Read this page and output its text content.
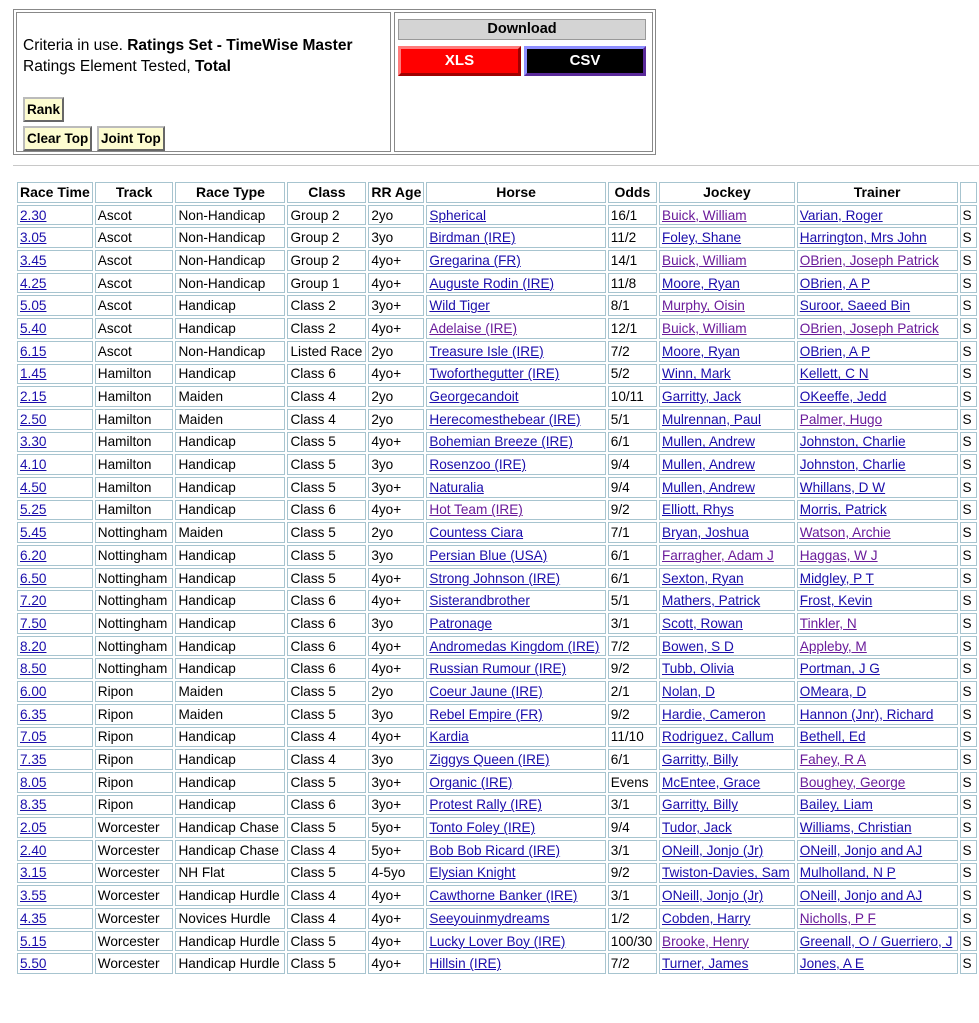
Criteria in use. Ratings Set - TimeWise Master
Ratings Element Tested, Total
Rank
Clear Top Joint Top
Download
XLS	CSV
Race Time	Track	Race Type	Class	RR Age	Horse	Odds	Jockey	Trainer	
2.30	Ascot	Non-Handicap	Group 2	2yo	Spherical	16/1	Buick, William	Varian, Roger	S
3.05	Ascot	Non-Handicap	Group 2	3yo	Birdman (IRE)	11/2	Foley, Shane	Harrington, Mrs John	S
3.45	Ascot	Non-Handicap	Group 2	4yo+	Gregarina (FR)	14/1	Buick, William	OBrien, Joseph Patrick	S
4.25	Ascot	Non-Handicap	Group 1	4yo+	Auguste Rodin (IRE)	11/8	Moore, Ryan	OBrien, A P	S
5.05	Ascot	Handicap	Class 2	3yo+	Wild Tiger	8/1	Murphy, Oisin	Suroor, Saeed Bin	S
5.40	Ascot	Handicap	Class 2	4yo+	Adelaise (IRE)	12/1	Buick, William	OBrien, Joseph Patrick	S
6.15	Ascot	Non-Handicap	Listed Race	2yo	Treasure Isle (IRE)	7/2	Moore, Ryan	OBrien, A P	S
1.45	Hamilton	Handicap	Class 6	4yo+	Twoforthegutter (IRE)	5/2	Winn, Mark	Kellett, C N	S
2.15	Hamilton	Maiden	Class 4	2yo	Georgecandoit	10/11	Garritty, Jack	OKeeffe, Jedd	S
2.50	Hamilton	Maiden	Class 4	2yo	Herecomesthebear (IRE)	5/1	Mulrennan, Paul	Palmer, Hugo	S
3.30	Hamilton	Handicap	Class 5	4yo+	Bohemian Breeze (IRE)	6/1	Mullen, Andrew	Johnston, Charlie	S
4.10	Hamilton	Handicap	Class 5	3yo	Rosenzoo (IRE)	9/4	Mullen, Andrew	Johnston, Charlie	S
4.50	Hamilton	Handicap	Class 5	3yo+	Naturalia	9/4	Mullen, Andrew	Whillans, D W	S
5.25	Hamilton	Handicap	Class 6	4yo+	Hot Team (IRE)	9/2	Elliott, Rhys	Morris, Patrick	S
5.45	Nottingham	Maiden	Class 5	2yo	Countess Ciara	7/1	Bryan, Joshua	Watson, Archie	S
6.20	Nottingham	Handicap	Class 5	3yo	Persian Blue (USA)	6/1	Farragher, Adam J	Haggas, W J	S
6.50	Nottingham	Handicap	Class 5	4yo+	Strong Johnson (IRE)	6/1	Sexton, Ryan	Midgley, P T	S
7.20	Nottingham	Handicap	Class 6	4yo+	Sisterandbrother	5/1	Mathers, Patrick	Frost, Kevin	S
7.50	Nottingham	Handicap	Class 6	3yo	Patronage	3/1	Scott, Rowan	Tinkler, N	S
8.20	Nottingham	Handicap	Class 6	4yo+	Andromedas Kingdom (IRE)	7/2	Bowen, S D	Appleby, M	S
8.50	Nottingham	Handicap	Class 6	4yo+	Russian Rumour (IRE)	9/2	Tubb, Olivia	Portman, J G	S
6.00	Ripon	Maiden	Class 5	2yo	Coeur Jaune (IRE)	2/1	Nolan, D	OMeara, D	S
6.35	Ripon	Maiden	Class 5	3yo	Rebel Empire (FR)	9/2	Hardie, Cameron	Hannon (Jnr), Richard	S
7.05	Ripon	Handicap	Class 4	4yo+	Kardia	11/10	Rodriguez, Callum	Bethell, Ed	S
7.35	Ripon	Handicap	Class 4	3yo	Ziggys Queen (IRE)	6/1	Garritty, Billy	Fahey, R A	S
8.05	Ripon	Handicap	Class 5	3yo+	Organic (IRE)	Evens	McEntee, Grace	Boughey, George	S
8.35	Ripon	Handicap	Class 6	3yo+	Protest Rally (IRE)	3/1	Garritty, Billy	Bailey, Liam	S
2.05	Worcester	Handicap Chase	Class 5	5yo+	Tonto Foley (IRE)	9/4	Tudor, Jack	Williams, Christian	S
2.40	Worcester	Handicap Chase	Class 4	5yo+	Bob Bob Ricard (IRE)	3/1	ONeill, Jonjo (Jr)	ONeill, Jonjo and AJ	S
3.15	Worcester	NH Flat	Class 5	4-5yo	Elysian Knight	9/2	Twiston-Davies, Sam	Mulholland, N P	S
3.55	Worcester	Handicap Hurdle	Class 4	4yo+	Cawthorne Banker (IRE)	3/1	ONeill, Jonjo (Jr)	ONeill, Jonjo and AJ	S
4.35	Worcester	Novices Hurdle	Class 4	4yo+	Seeyouinmydreams	1/2	Cobden, Harry	Nicholls, P F	S
5.15	Worcester	Handicap Hurdle	Class 5	4yo+	Lucky Lover Boy (IRE)	100/30	Brooke, Henry	Greenall, O / Guerriero, J	S
5.50	Worcester	Handicap Hurdle	Class 5	4yo+	Hillsin (IRE)	7/2	Turner, James	Jones, A E	S
